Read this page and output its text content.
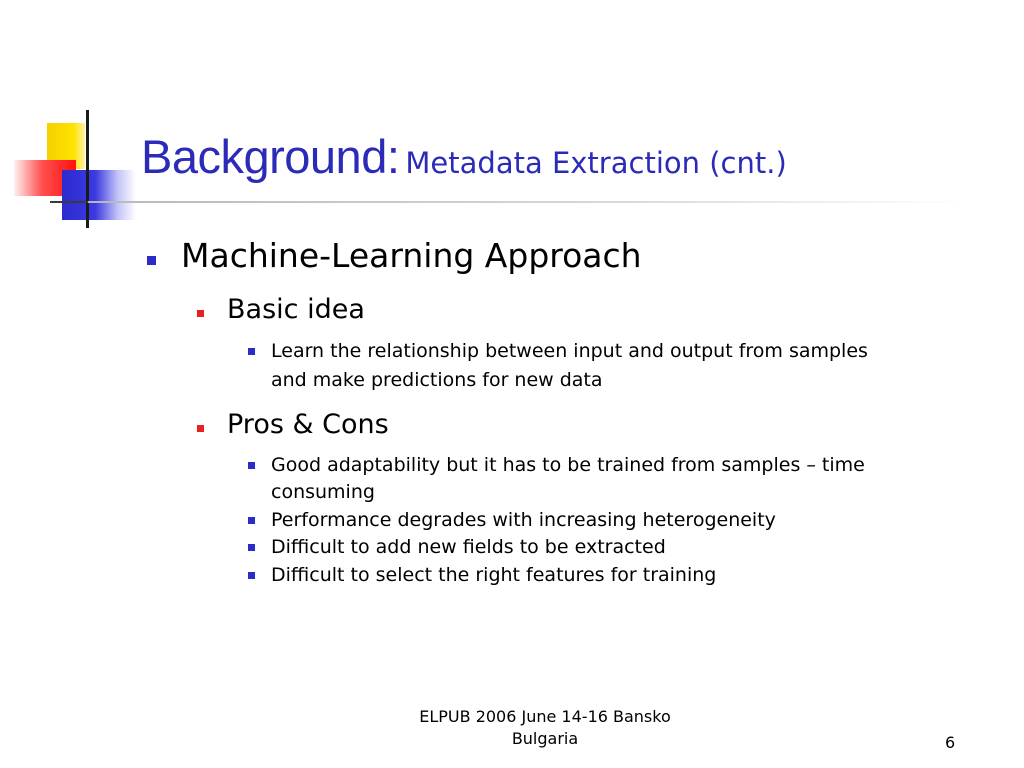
Background: Metadata Extraction (cnt.)
Machine-Learning Approach
Basic idea
Learn the relationship between input and output from samples
and make predictions for new data
Pros & Cons
Good adaptability but it has to be trained from samples – time
consuming
Performance degrades with increasing heterogeneity
Difficult to add new fields to be extracted
Difficult to select the right features for training
ELPUB 2006 June 14-16 Bansko
Bulgaria	6
